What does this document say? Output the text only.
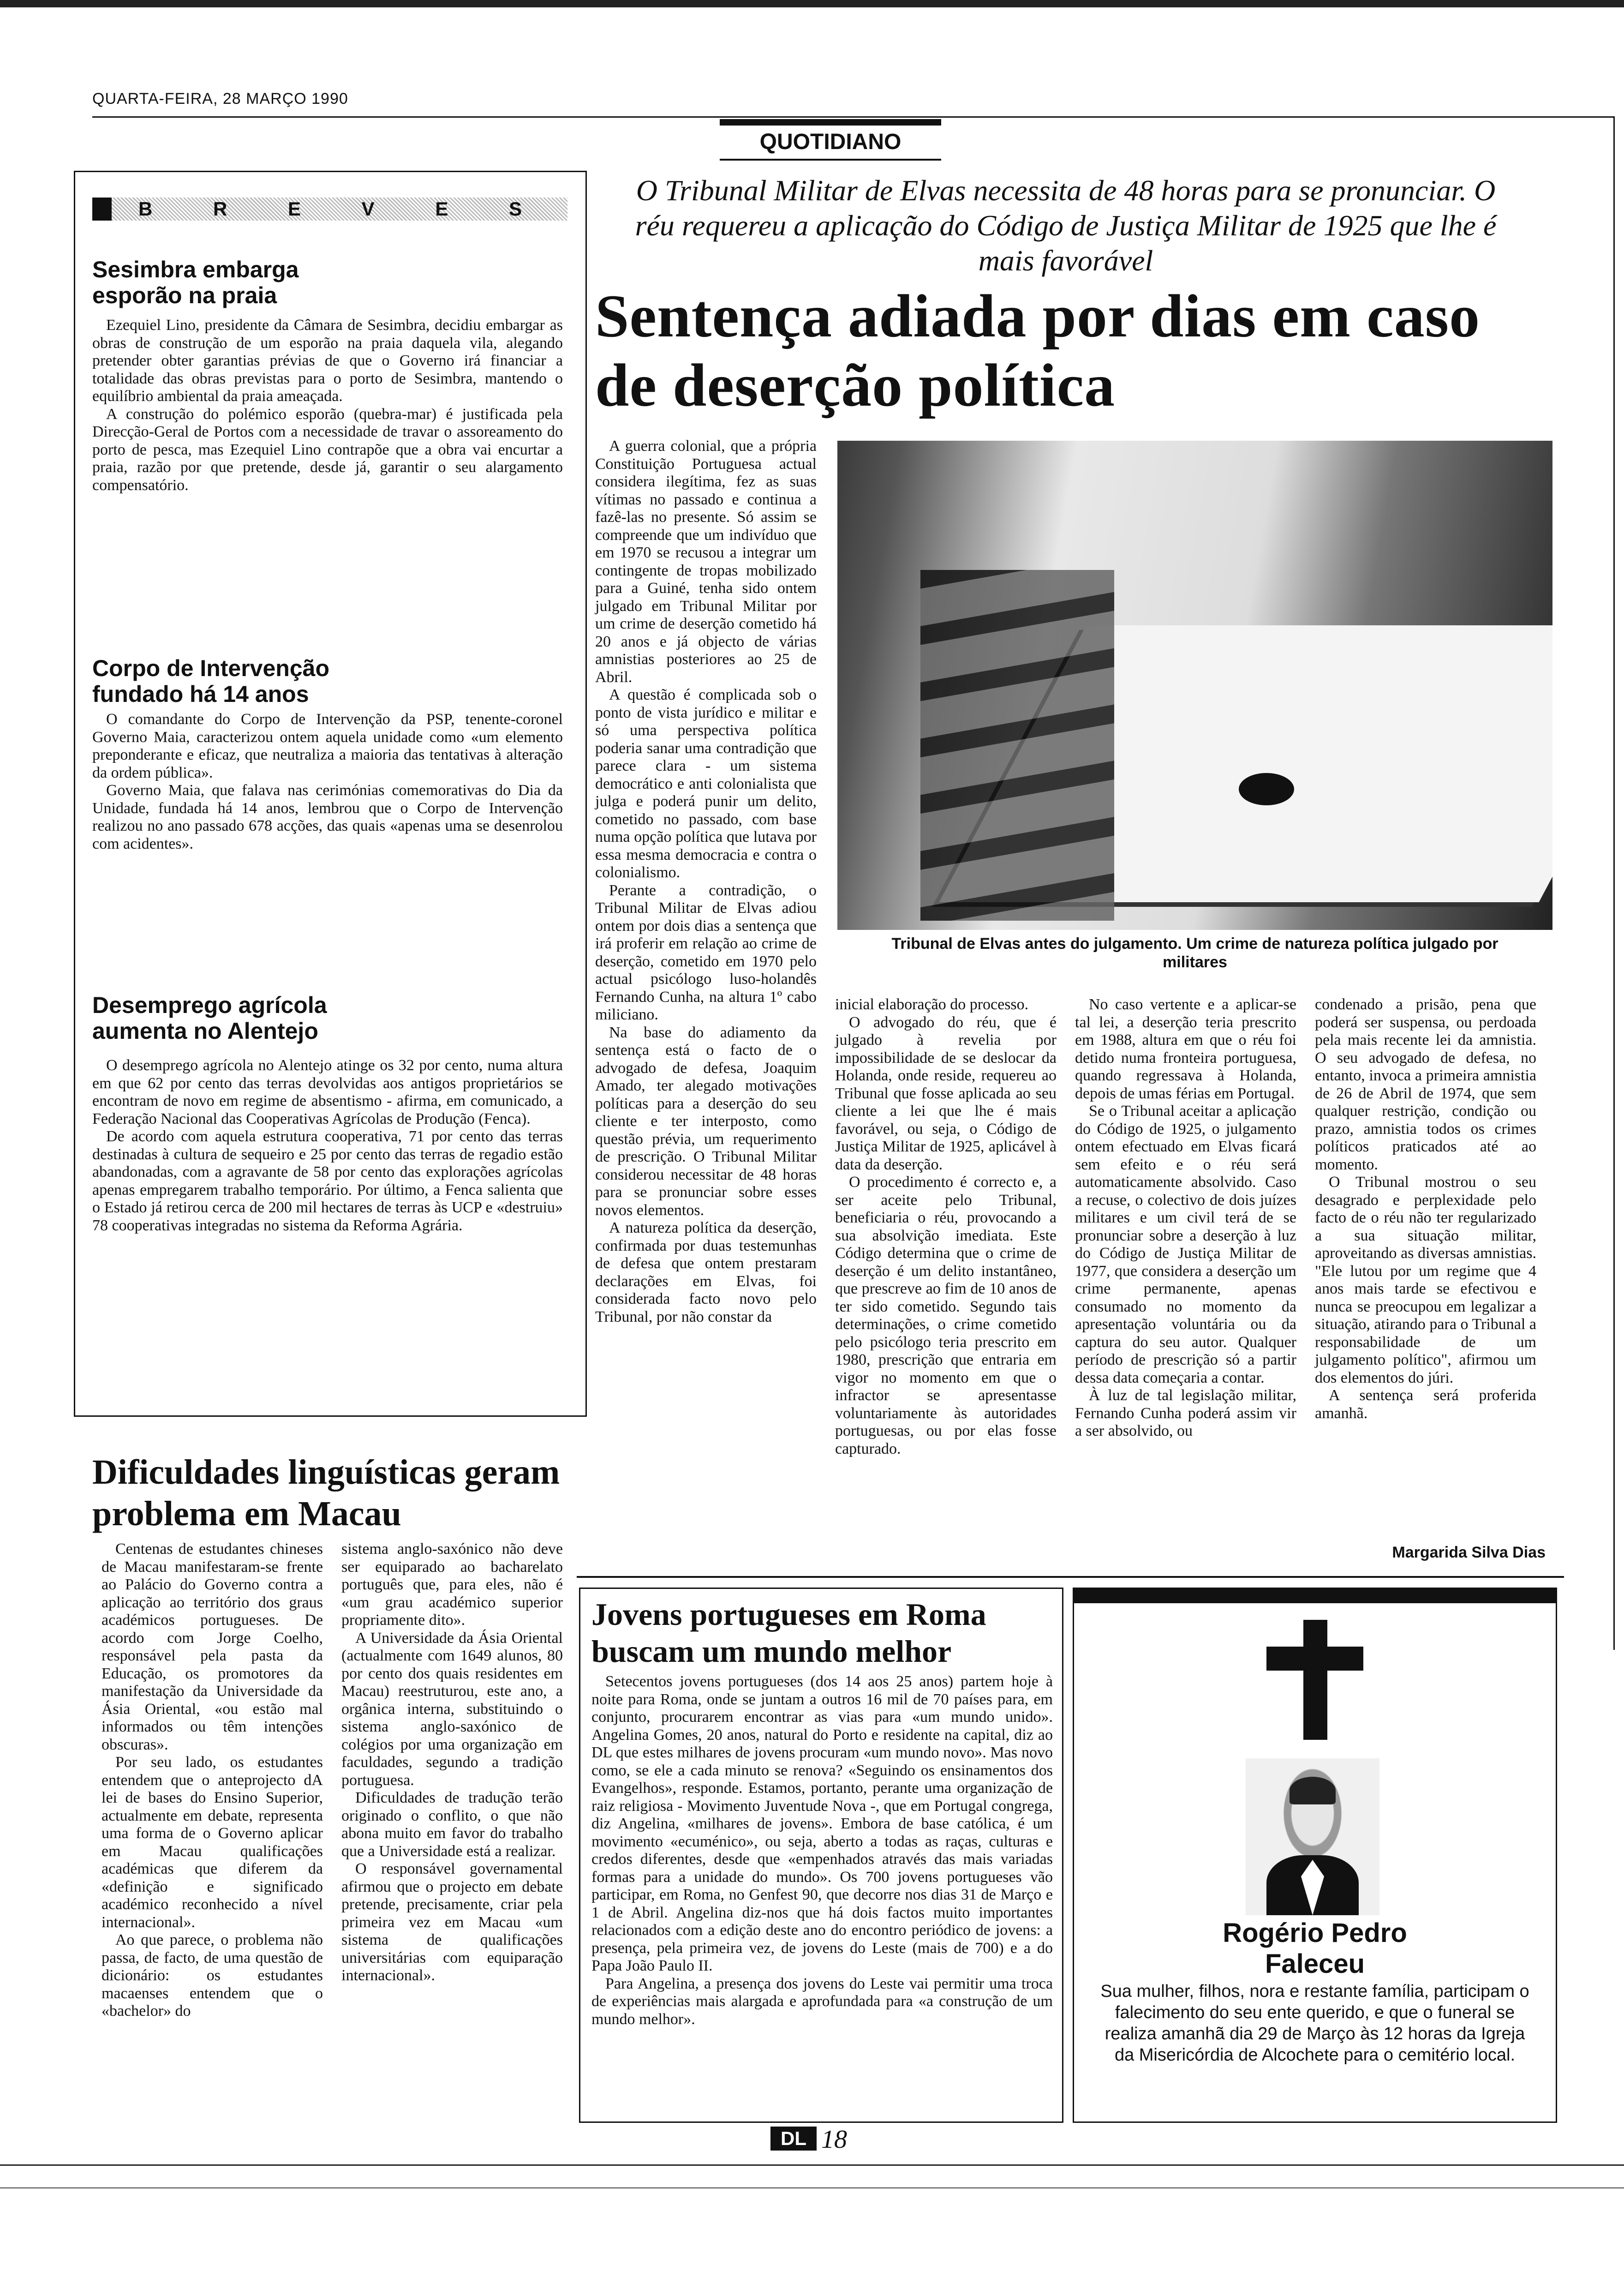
QUARTA-FEIRA, 28 MARÇO 1990
QUOTIDIANO
B R E V E S
Sesimbra embarga esporão na praia

Ezequiel Lino, presidente da Câmara de Sesimbra, decidiu embargar as obras de construção de um esporão na praia daquela vila, alegando pretender obter garantias prévias de que o Governo irá financiar a totalidade das obras previstas para o porto de Sesimbra, mantendo o equilíbrio ambiental da praia ameaçada.

A construção do polémico esporão (quebra-mar) é justificada pela Direcção-Geral de Portos com a necessidade de travar o assoreamento do porto de pesca, mas Ezequiel Lino contrapõe que a obra vai encurtar a praia, razão por que pretende, desde já, garantir o seu alargamento compensatório.

Corpo de Intervenção fundado há 14 anos

O comandante do Corpo de Intervenção da PSP, tenente-coronel Governo Maia, caracterizou ontem aquela unidade como «um elemento preponderante e eficaz, que neutraliza a maioria das tentativas à alteração da ordem pública».

Governo Maia, que falava nas cerimónias comemorativas do Dia da Unidade, fundada há 14 anos, lembrou que o Corpo de Intervenção realizou no ano passado 678 acções, das quais «apenas uma se desenrolou com acidentes».

Desemprego agrícola aumenta no Alentejo

O desemprego agrícola no Alentejo atinge os 32 por cento, numa altura em que 62 por cento das terras devolvidas aos antigos proprietários se encontram de novo em regime de absentismo - afirma, em comunicado, a Federação Nacional das Cooperativas Agrícolas de Produção (Fenca).

De acordo com aquela estrutura cooperativa, 71 por cento das terras destinadas à cultura de sequeiro e 25 por cento das terras de regadio estão abandonadas, com a agravante de 58 por cento das explorações agrícolas apenas empregarem trabalho temporário. Por último, a Fenca salienta que o Estado já retirou cerca de 200 mil hectares de terras às UCP e «destruiu» 78 cooperativas integradas no sistema da Reforma Agrária.

O Tribunal Militar de Elvas necessita de 48 horas para se pronunciar. O réu requereu a aplicação do Código de Justiça Militar de 1925 que lhe é mais favorável
Sentença adiada por dias em caso de deserção política

A guerra colonial, que a própria Constituição Portuguesa actual considera ilegítima, fez as suas vítimas no passado e continua a fazê-las no presente. Só assim se compreende que um indivíduo que em 1970 se recusou a integrar um contingente de tropas mobilizado para a Guiné, tenha sido ontem julgado em Tribunal Militar por um crime de deserção cometido há 20 anos e já objecto de várias amnistias posteriores ao 25 de Abril.

A questão é complicada sob o ponto de vista jurídico e militar e só uma perspectiva política poderia sanar uma contradição que parece clara - um sistema democrático e anti colonialista que julga e poderá punir um delito, cometido no passado, com base numa opção política que lutava por essa mesma democracia e contra o colonialismo.

Perante a contradição, o Tribunal Militar de Elvas adiou ontem por dois dias a sentença que irá proferir em relação ao crime de deserção, cometido em 1970 pelo actual psicólogo luso-holandês Fernando Cunha, na altura 1º cabo miliciano.

Na base do adiamento da sentença está o facto de o advogado de defesa, Joaquim Amado, ter alegado motivações políticas para a deserção do seu cliente e ter interposto, como questão prévia, um requerimento de prescrição. O Tribunal Militar considerou necessitar de 48 horas para se pronunciar sobre esses novos elementos.

A natureza política da deserção, confirmada por duas testemunhas de defesa que ontem prestaram declarações em Elvas, foi considerada facto novo pelo Tribunal, por não constar da

Tribunal de Elvas antes do julgamento. Um crime de natureza política julgado por militares

inicial elaboração do processo.

O advogado do réu, que é julgado à revelia por impossibilidade de se deslocar da Holanda, onde reside, requereu ao Tribunal que fosse aplicada ao seu cliente a lei que lhe é mais favorável, ou seja, o Código de Justiça Militar de 1925, aplicável à data da deserção.

O procedimento é correcto e, a ser aceite pelo Tribunal, beneficiaria o réu, provocando a sua absolvição imediata. Este Código determina que o crime de deserção é um delito instantâneo, que prescreve ao fim de 10 anos de ter sido cometido. Segundo tais determinações, o crime cometido pelo psicólogo teria prescrito em 1980, prescrição que entraria em vigor no momento em que o infractor se apresentasse voluntariamente às autoridades portuguesas, ou por elas fosse capturado.

No caso vertente e a aplicar-se tal lei, a deserção teria prescrito em 1988, altura em que o réu foi detido numa fronteira portuguesa, quando regressava à Holanda, depois de umas férias em Portugal.

Se o Tribunal aceitar a aplicação do Código de 1925, o julgamento ontem efectuado em Elvas ficará sem efeito e o réu será automaticamente absolvido. Caso a recuse, o colectivo de dois juízes militares e um civil terá de se pronunciar sobre a deserção à luz do Código de Justiça Militar de 1977, que considera a deserção um crime permanente, apenas consumado no momento da apresentação voluntária ou da captura do seu autor. Qualquer período de prescrição só a partir dessa data começaria a contar.

À luz de tal legislação militar, Fernando Cunha poderá assim vir a ser absolvido, ou

condenado a prisão, pena que poderá ser suspensa, ou perdoada pela mais recente lei da amnistia. O seu advogado de defesa, no entanto, invoca a primeira amnistia de 26 de Abril de 1974, que sem qualquer restrição, condição ou prazo, amnistia todos os crimes políticos praticados até ao momento.

O Tribunal mostrou o seu desagrado e perplexidade pelo facto de o réu não ter regularizado a sua situação militar, aproveitando as diversas amnistias. "Ele lutou por um regime que 4 anos mais tarde se efectivou e nunca se preocupou em legalizar a situação, atirando para o Tribunal a responsabilidade de um julgamento político", afirmou um dos elementos do júri.

A sentença será proferida amanhã.

Margarida Silva Dias
Dificuldades linguísticas geram problema em Macau

Centenas de estudantes chineses de Macau manifestaram-se frente ao Palácio do Governo contra a aplicação ao território dos graus académicos portugueses. De acordo com Jorge Coelho, responsável pela pasta da Educação, os promotores da manifestação da Universidade da Ásia Oriental, «ou estão mal informados ou têm intenções obscuras».

Por seu lado, os estudantes entendem que o anteprojecto dA lei de bases do Ensino Superior, actualmente em debate, representa uma forma de o Governo aplicar em Macau qualificações académicas que diferem da «definição e significado académico reconhecido a nível internacional».

Ao que parece, o problema não passa, de facto, de uma questão de dicionário: os estudantes macaenses entendem que o «bachelor» do

sistema anglo-saxónico não deve ser equiparado ao bacharelato português que, para eles, não é «um grau académico superior propriamente dito».

A Universidade da Ásia Oriental (actualmente com 1649 alunos, 80 por cento dos quais residentes em Macau) reestruturou, este ano, a orgânica interna, substituindo o sistema anglo-saxónico de colégios por uma organização em faculdades, segundo a tradição portuguesa.

Dificuldades de tradução terão originado o conflito, o que não abona muito em favor do trabalho que a Universidade está a realizar.

O responsável governamental afirmou que o projecto em debate pretende, precisamente, criar pela primeira vez em Macau «um sistema de qualificações universitárias com equiparação internacional».

Jovens portugueses em Roma buscam um mundo melhor

Setecentos jovens portugueses (dos 14 aos 25 anos) partem hoje à noite para Roma, onde se juntam a outros 16 mil de 70 países para, em conjunto, procurarem encontrar as vias para «um mundo unido». Angelina Gomes, 20 anos, natural do Porto e residente na capital, diz ao DL que estes milhares de jovens procuram «um mundo novo». Mas novo como, se ele a cada minuto se renova? «Seguindo os ensinamentos dos Evangelhos», responde. Estamos, portanto, perante uma organização de raiz religiosa - Movimento Juventude Nova -, que em Portugal congrega, diz Angelina, «milhares de jovens». Embora de base católica, é um movimento «ecuménico», ou seja, aberto a todas as raças, culturas e credos diferentes, desde que «empenhados através das mais variadas formas para a unidade do mundo». Os 700 jovens portugueses vão participar, em Roma, no Genfest 90, que decorre nos dias 31 de Março e 1 de Abril. Angelina diz-nos que há dois factos muito importantes relacionados com a edição deste ano do encontro periódico de jovens: a presença, pela primeira vez, de jovens do Leste (mais de 700) e a do Papa João Paulo II.

Para Angelina, a presença dos jovens do Leste vai permitir uma troca de experiências mais alargada e aprofundada para «a construção de um mundo melhor».

Rogério Pedro
Faleceu
Sua mulher, filhos, nora e restante família, participam o falecimento do seu ente querido, e que o funeral se realiza amanhã dia 29 de Março às 12 horas da Igreja da Misericórdia de Alcochete para o cemitério local.
DL 18
